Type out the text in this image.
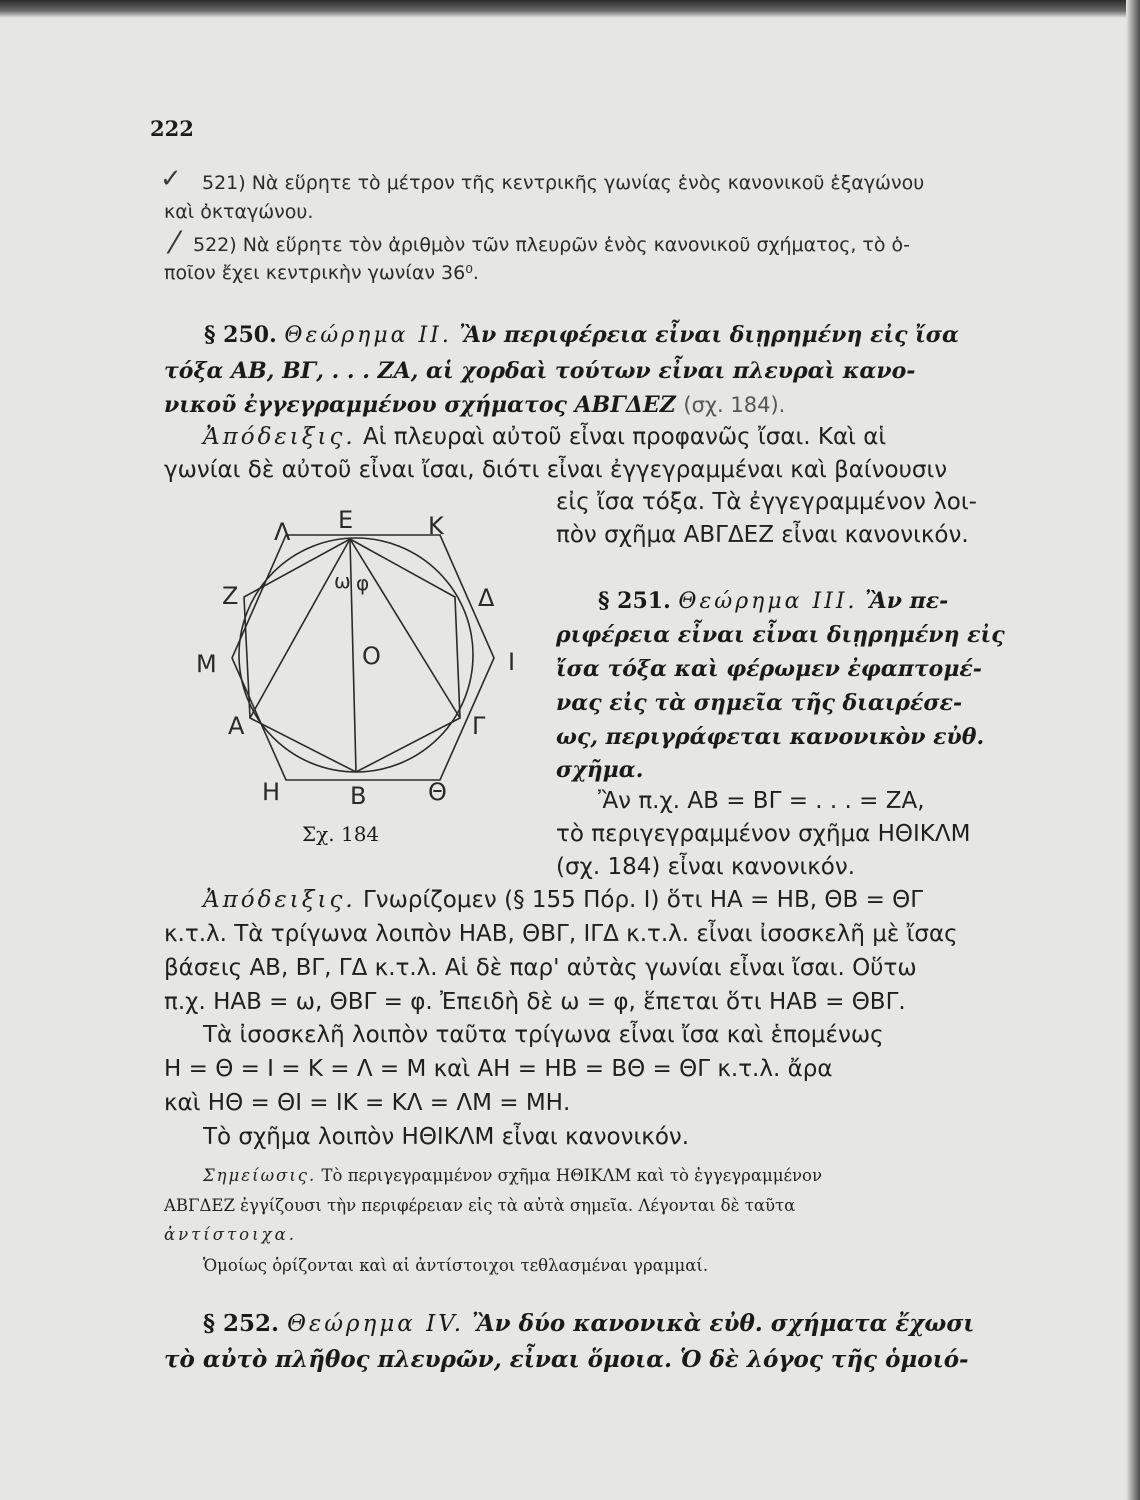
222
✓ 521) Νὰ εὕρητε τὸ μέτρον τῆς κεντρικῆς γωνίας ἑνὸς κανονικοῦ ἑξαγώνου
καὶ ὀκταγώνου.
⁄ 522) Νὰ εὕρητε τὸν ἀριθμὸν τῶν πλευρῶν ἑνὸς κανονικοῦ σχήματος, τὸ ὁ-
ποῖον ἔχει κεντρικὴν γωνίαν 36⁰.
§ 250. Θεώρημα II. Ἂν περιφέρεια εἶναι διῃρημένη εἰς ἴσα
τόξα ΑΒ, ΒΓ, . . . ΖΑ, αἱ χορδαὶ τούτων εἶναι πλευραὶ κανο-
νικοῦ ἐγγεγραμμένου σχήματος ΑΒΓΔΕΖ (σχ. 184).
Ἀπόδειξις. Αἱ πλευραὶ αὐτοῦ εἶναι προφανῶς ἴσαι. Καὶ αἱ
γωνίαι δὲ αὐτοῦ εἶναι ἴσαι, διότι εἶναι ἐγγεγραμμέναι καὶ βαίνουσιν
εἰς ἴσα τόξα. Τὰ ἐγγεγραμμένον λοι-
πὸν σχῆμα ΑΒΓΔΕΖ εἶναι κανονικόν.
§ 251. Θεώρημα III. Ἂν πε-
ριφέρεια εἶναι εἶναι διῃρημένη εἰς
ἴσα τόξα καὶ φέρωμεν ἐφαπτομέ-
νας εἰς τὰ σημεῖα τῆς διαιρέσε-
ως, περιγράφεται κανονικὸν εὐθ.
σχῆμα.
Ἂν π.χ. ΑΒ = ΒΓ = . . . = ΖΑ,
τὸ περιγεγραμμένον σχῆμα ΗΘΙΚΛΜ
(σχ. 184) εἶναι κανονικόν.
Ἀπόδειξις. Γνωρίζομεν (§ 155 Πόρ. Ι) ὅτι ΗΑ = ΗΒ, ΘΒ = ΘΓ
κ.τ.λ. Τὰ τρίγωνα λοιπὸν ΗΑΒ, ΘΒΓ, ΙΓΔ κ.τ.λ. εἶναι ἰσοσκελῆ μὲ ἴσας
βάσεις ΑΒ, ΒΓ, ΓΔ κ.τ.λ. Αἱ δὲ παρ' αὐτὰς γωνίαι εἶναι ἴσαι. Οὕτω
π.χ. ΗΑΒ = ω, ΘΒΓ = φ. Ἐπειδὴ δὲ ω = φ, ἕπεται ὅτι ΗΑΒ = ΘΒΓ.
Τὰ ἰσοσκελῆ λοιπὸν ταῦτα τρίγωνα εἶναι ἴσα καὶ ἑπομένως
Η = Θ = Ι = Κ = Λ = Μ καὶ ΑΗ = ΗΒ = ΒΘ = ΘΓ κ.τ.λ. ἄρα
καὶ ΗΘ = ΘΙ = ΙΚ = ΚΛ = ΛΜ = ΜΗ.
Τὸ σχῆμα λοιπὸν ΗΘΙΚΛΜ εἶναι κανονικόν.
Σημείωσις. Τὸ περιγεγραμμένον σχῆμα ΗΘΙΚΛΜ καὶ τὸ ἐγγεγραμμένον
ΑΒΓΔΕΖ ἐγγίζουσι τὴν περιφέρειαν εἰς τὰ αὐτὰ σημεῖα. Λέγονται δὲ ταῦτα
ἀντίστοιχα.
Ὁμοίως ὁρίζονται καὶ αἱ ἀντίστοιχοι τεθλασμέναι γραμμαί.
§ 252. Θεώρημα IV. Ἂν δύο κανονικὰ εὐθ. σχήματα ἔχωσι
τὸ αὐτὸ πλῆθος πλευρῶν, εἶναι ὅμοια. Ὁ δὲ λόγος τῆς ὁμοιό-
Λ Ε	Κ
Ζ	Δ
Μ	Ι
Α	Γ
Η	Β	Θ
Ο
ω φ
Σχ. 184
